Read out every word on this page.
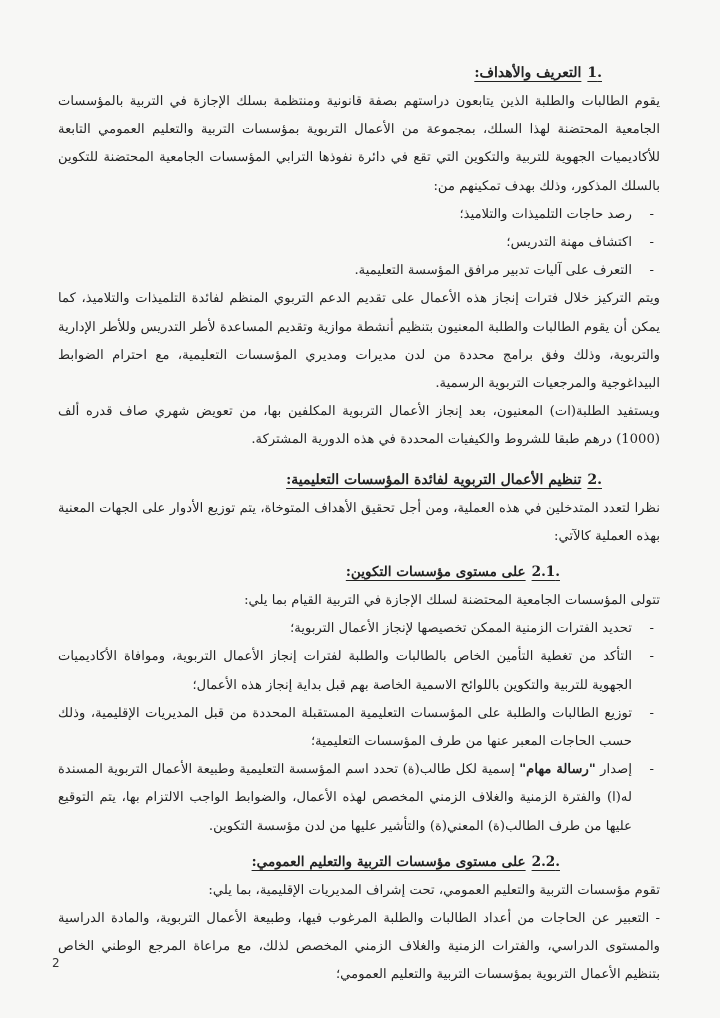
.1التعريف والأهداف:

يقوم الطالبات والطلبة الذين يتابعون دراستهم بصفة قانونية ومنتظمة بسلك الإجازة في التربية بالمؤسسات الجامعية المحتضنة لهذا السلك، بمجموعة من الأعمال التربوية بمؤسسات التربية والتعليم العمومي التابعة للأكاديميات الجهوية للتربية والتكوين التي تقع في دائرة نفوذها الترابي المؤسسات الجامعية المحتضنة للتكوين بالسلك المذكور، وذلك بهدف تمكينهم من:

-
رصد حاجات التلميذات والتلاميذ؛
-
اكتشاف مهنة التدريس؛
-
التعرف على آليات تدبير مرافق المؤسسة التعليمية.

ويتم التركيز خلال فترات إنجاز هذه الأعمال على تقديم الدعم التربوي المنظم لفائدة التلميذات والتلاميذ، كما يمكن أن يقوم الطالبات والطلبة المعنيون بتنظيم أنشطة موازية وتقديم المساعدة لأطر التدريس وللأطر الإدارية والتربوية، وذلك وفق برامج محددة من لدن مديرات ومديري المؤسسات التعليمية، مع احترام الضوابط البيداغوجية والمرجعيات التربوية الرسمية.

ويستفيد الطلبة(ات) المعنيون، بعد إنجاز الأعمال التربوية المكلفين بها، من تعويض شهري صاف قدره ألف (1000) درهم طبقا للشروط والكيفيات المحددة في هذه الدورية المشتركة.

.2تنظيم الأعمال التربوية لفائدة المؤسسات التعليمية:

نظرا لتعدد المتدخلين في هذه العملية، ومن أجل تحقيق الأهداف المتوخاة، يتم توزيع الأدوار على الجهات المعنية بهذه العملية كالآتي:

.2.1على مستوى مؤسسات التكوين:

تتولى المؤسسات الجامعية المحتضنة لسلك الإجازة في التربية القيام بما يلي:

-
تحديد الفترات الزمنية الممكن تخصيصها لإنجاز الأعمال التربوية؛
-
التأكد من تغطية التأمين الخاص بالطالبات والطلبة لفترات إنجاز الأعمال التربوية، وموافاة الأكاديميات الجهوية للتربية والتكوين باللوائح الاسمية الخاصة بهم قبل بداية إنجاز هذه الأعمال؛
-
توزيع الطالبات والطلبة على المؤسسات التعليمية المستقبلة المحددة من قبل المديريات الإقليمية، وذلك حسب الحاجات المعبر عنها من طرف المؤسسات التعليمية؛
-
إصدار "رسالة مهام" إسمية لكل طالب(ة) تحدد اسم المؤسسة التعليمية وطبيعة الأعمال التربوية المسندة له(ا) والفترة الزمنية والغلاف الزمني المخصص لهذه الأعمال، والضوابط الواجب الالتزام بها، يتم التوقيع عليها من طرف الطالب(ة) المعني(ة) والتأشير عليها من لدن مؤسسة التكوين.
.2.2على مستوى مؤسسات التربية والتعليم العمومي:

تقوم مؤسسات التربية والتعليم العمومي، تحت إشراف المديريات الإقليمية، بما يلي:

- التعبير عن الحاجات من أعداد الطالبات والطلبة المرغوب فيها، وطبيعة الأعمال التربوية، والمادة الدراسية والمستوى الدراسي، والفترات الزمنية والغلاف الزمني المخصص لذلك، مع مراعاة المرجع الوطني الخاص بتنظيم الأعمال التربوية بمؤسسات التربية والتعليم العمومي؛

2
